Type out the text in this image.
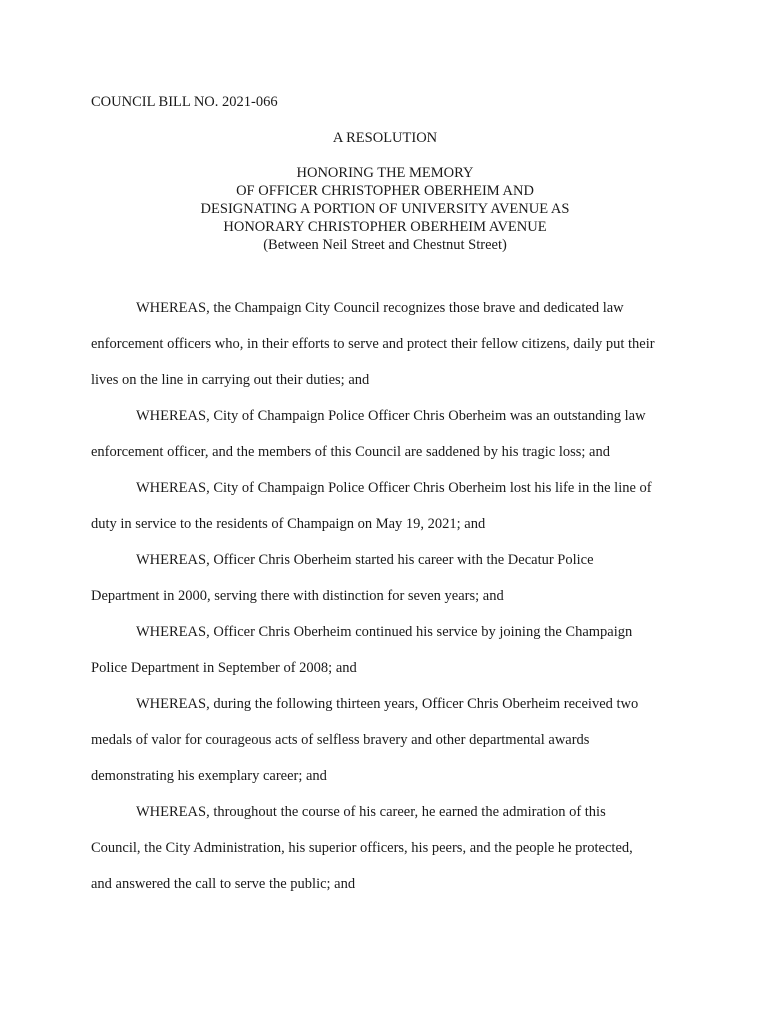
COUNCIL BILL NO. 2021-066
A RESOLUTION
HONORING THE MEMORY
OF OFFICER CHRISTOPHER OBERHEIM AND
DESIGNATING A PORTION OF UNIVERSITY AVENUE AS
HONORARY CHRISTOPHER OBERHEIM AVENUE
(Between Neil Street and Chestnut Street)

WHEREAS, the Champaign City Council recognizes those brave and dedicated law
enforcement officers who, in their efforts to serve and protect their fellow citizens, daily put their
lives on the line in carrying out their duties; and

WHEREAS, City of Champaign Police Officer Chris Oberheim was an outstanding law
enforcement officer, and the members of this Council are saddened by his tragic loss; and

WHEREAS, City of Champaign Police Officer Chris Oberheim lost his life in the line of
duty in service to the residents of Champaign on May 19, 2021; and

WHEREAS, Officer Chris Oberheim started his career with the Decatur Police
Department in 2000, serving there with distinction for seven years; and

WHEREAS, Officer Chris Oberheim continued his service by joining the Champaign
Police Department in September of 2008; and

WHEREAS, during the following thirteen years, Officer Chris Oberheim received two
medals of valor for courageous acts of selfless bravery and other departmental awards
demonstrating his exemplary career; and

WHEREAS, throughout the course of his career, he earned the admiration of this
Council, the City Administration, his superior officers, his peers, and the people he protected,
and answered the call to serve the public; and
